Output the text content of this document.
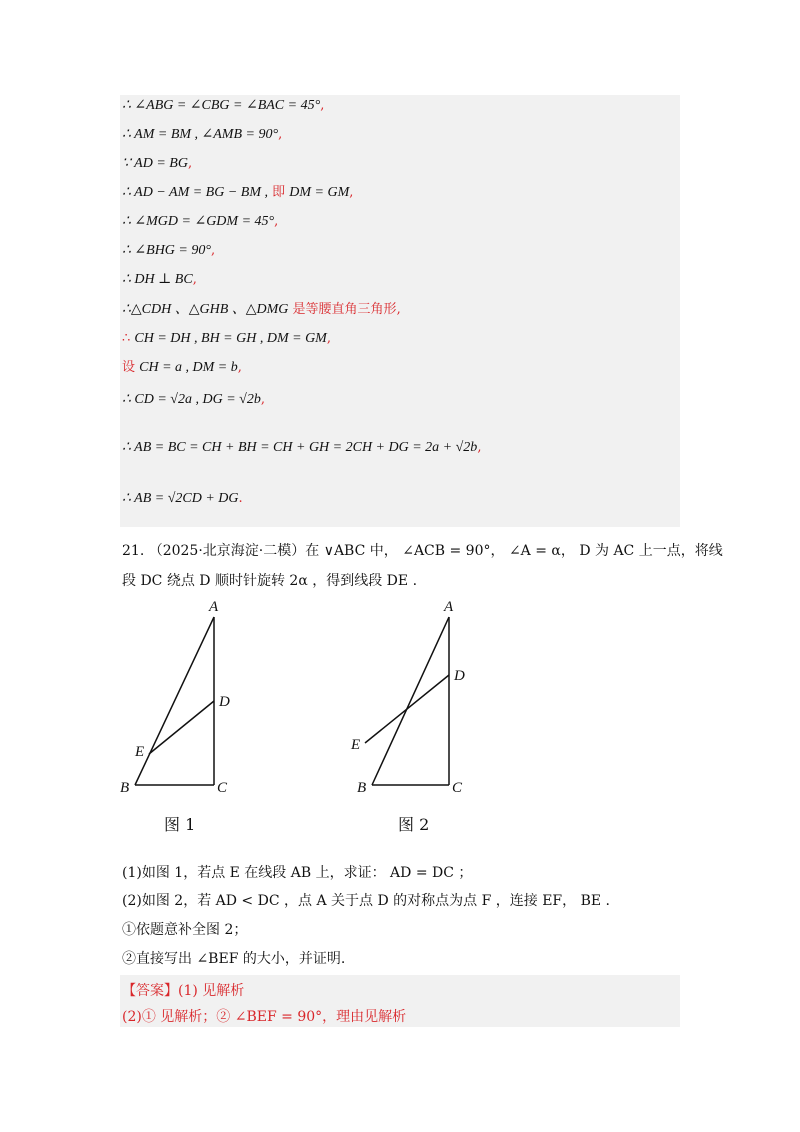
∴ ∠ABG = ∠CBG = ∠BAC = 45°,
∴ AM = BM , ∠AMB = 90°,
∵ AD = BG,
∴ AD − AM = BG − BM , 即 DM = GM,
∴ ∠MGD = ∠GDM = 45°,
∴ ∠BHG = 90°,
∴ DH ⊥ BC,
∴△CDH 、△GHB 、△DMG 是等腰直角三角形,
∴ CH = DH , BH = GH , DM = GM,
设 CH = a , DM = b,
∴ CD = √2a , DG = √2b,
∴ AB = BC = CH + BH = CH + GH = 2CH + DG = 2a + √2b,
∴ AB = √2CD + DG.
21. （2025·北京海淀·二模）在 ∨ABC 中， ∠ACB = 90°， ∠A = α， D 为 AC 上一点，将线
段 DC 绕点 D 顺时针旋转 2α ，得到线段 DE .
A
D
E
B	C
图 1
A
D
E
B	C
图 2
(1)如图 1，若点 E 在线段 AB 上，求证： AD = DC ；
(2)如图 2，若 AD < DC ，点 A 关于点 D 的对称点为点 F ，连接 EF， BE .
①依题意补全图 2；
②直接写出 ∠BEF 的大小，并证明.
【答案】(1) 见解析
(2)① 见解析；② ∠BEF = 90°，理由见解析
